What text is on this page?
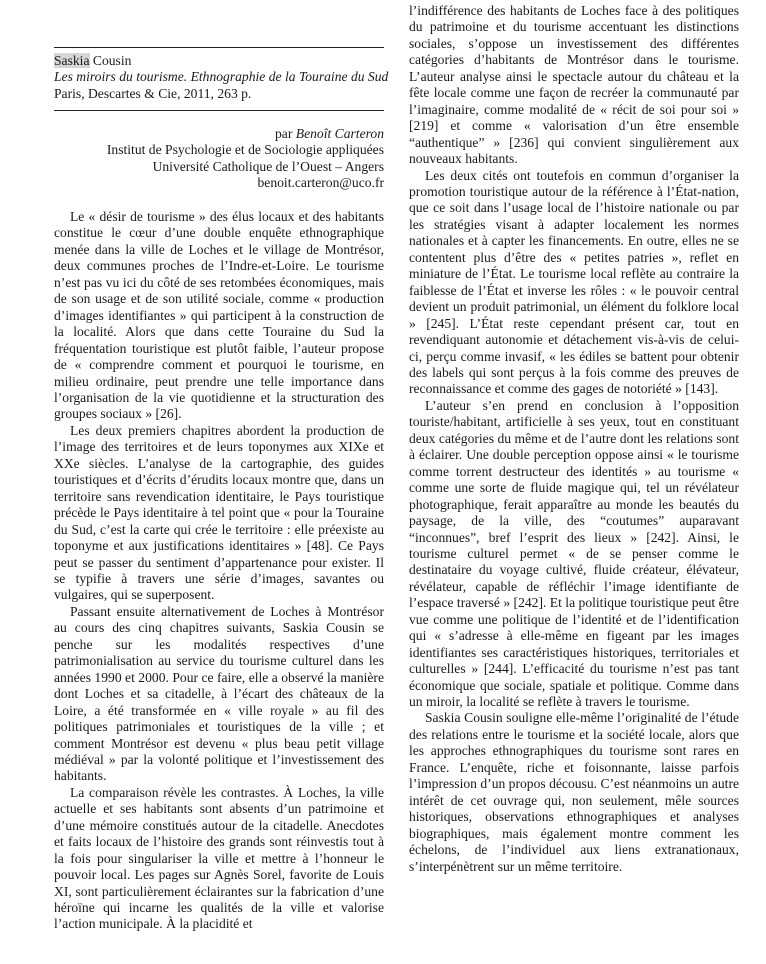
Saskia Cousin
Les miroirs du tourisme. Ethnographie de la Touraine du Sud
Paris, Descartes & Cie, 2011, 263 p.
par Benoît Carteron
Institut de Psychologie et de Sociologie appliquées
Université Catholique de l’Ouest – Angers
benoit.carteron@uco.fr

Le « désir de tourisme » des élus locaux et des habitants constitue le cœur d’une double enquête ethnographique menée dans la ville de Loches et le village de Montrésor, deux communes proches de l’Indre-et-Loire. Le tourisme n’est pas vu ici du côté de ses retombées économiques, mais de son usage et de son utilité sociale, comme « production d’images identifiantes » qui participent à la construction de la localité. Alors que dans cette Touraine du Sud la fréquentation touristique est plutôt faible, l’auteur propose de « comprendre comment et pourquoi le tourisme, en milieu ordinaire, peut prendre une telle importance dans l’organisation de la vie quotidienne et la structuration des groupes sociaux » [26].

Les deux premiers chapitres abordent la production de l’image des territoires et de leurs toponymes aux XIXe et XXe siècles. L’analyse de la cartographie, des guides touristiques et d’écrits d’érudits locaux montre que, dans un territoire sans revendication identitaire, le Pays touristique précède le Pays identitaire à tel point que « pour la Touraine du Sud, c’est la carte qui crée le territoire : elle préexiste au toponyme et aux justifications identitaires » [48]. Ce Pays peut se passer du sentiment d’appartenance pour exister. Il se typifie à travers une série d’images, savantes ou vulgaires, qui se superposent.

Passant ensuite alternativement de Loches à Montrésor au cours des cinq chapitres suivants, Saskia Cousin se penche sur les modalités respectives d’une patrimonialisation au service du tourisme culturel dans les années 1990 et 2000. Pour ce faire, elle a observé la manière dont Loches et sa citadelle, à l’écart des châteaux de la Loire, a été transformée en « ville royale » au fil des politiques patrimoniales et touristiques de la ville ; et comment Montrésor est devenu « plus beau petit village médiéval » par la volonté politique et l’investissement des habitants.

La comparaison révèle les contrastes. À Loches, la ville actuelle et ses habitants sont absents d’un patrimoine et d’une mémoire constitués autour de la citadelle. Anecdotes et faits locaux de l’histoire des grands sont réinvestis tout à la fois pour singulariser la ville et mettre à l’honneur le pouvoir local. Les pages sur Agnès Sorel, favorite de Louis XI, sont particulièrement éclairantes sur la fabrication d’une héroïne qui incarne les qualités de la ville et valorise l’action municipale. À la placidité et

l’indifférence des habitants de Loches face à des politiques du patrimoine et du tourisme accentuant les distinctions sociales, s’oppose un investissement des différentes catégories d’habitants de Montrésor dans le tourisme. L’auteur analyse ainsi le spectacle autour du château et la fête locale comme une façon de recréer la communauté par l’imaginaire, comme modalité de « récit de soi pour soi » [219] et comme « valorisation d’un être ensemble “authentique” » [236] qui convient singulièrement aux nouveaux habitants.

Les deux cités ont toutefois en commun d’organiser la promotion touristique autour de la référence à l’État-nation, que ce soit dans l’usage local de l’histoire nationale ou par les stratégies visant à adapter localement les normes nationales et à capter les financements. En outre, elles ne se contentent plus d’être des « petites patries », reflet en miniature de l’État. Le tourisme local reflète au contraire la faiblesse de l’État et inverse les rôles : « le pouvoir central devient un produit patrimonial, un élément du folklore local » [245]. L’État reste cependant présent car, tout en revendiquant autonomie et détachement vis-à-vis de celui-ci, perçu comme invasif, « les édiles se battent pour obtenir des labels qui sont perçus à la fois comme des preuves de reconnaissance et comme des gages de notoriété » [143].

L’auteur s’en prend en conclusion à l’opposition touriste/habitant, artificielle à ses yeux, tout en constituant deux catégories du même et de l’autre dont les relations sont à éclairer. Une double perception oppose ainsi « le tourisme comme torrent destructeur des identités » au tourisme « comme une sorte de fluide magique qui, tel un révélateur photographique, ferait apparaître au monde les beautés du paysage, de la ville, des “coutumes” auparavant “inconnues”, bref l’esprit des lieux » [242]. Ainsi, le tourisme culturel permet « de se penser comme le destinataire du voyage cultivé, fluide créateur, élévateur, révélateur, capable de réfléchir l’image identifiante de l’espace traversé » [242]. Et la politique touristique peut être vue comme une politique de l’identité et de l’identification qui « s’adresse à elle-même en figeant par les images identifiantes ses caractéristiques historiques, territoriales et culturelles » [244]. L’efficacité du tourisme n’est pas tant économique que sociale, spatiale et politique. Comme dans un miroir, la localité se reflète à travers le tourisme.

Saskia Cousin souligne elle-même l’originalité de l’étude des relations entre le tourisme et la société locale, alors que les approches ethnographiques du tourisme sont rares en France. L’enquête, riche et foisonnante, laisse parfois l’impression d’un propos décousu. C’est néanmoins un autre intérêt de cet ouvrage qui, non seulement, mêle sources historiques, observations ethnographiques et analyses biographiques, mais également montre comment les échelons, de l’individuel aux liens extranationaux, s’interpénètrent sur un même territoire.
